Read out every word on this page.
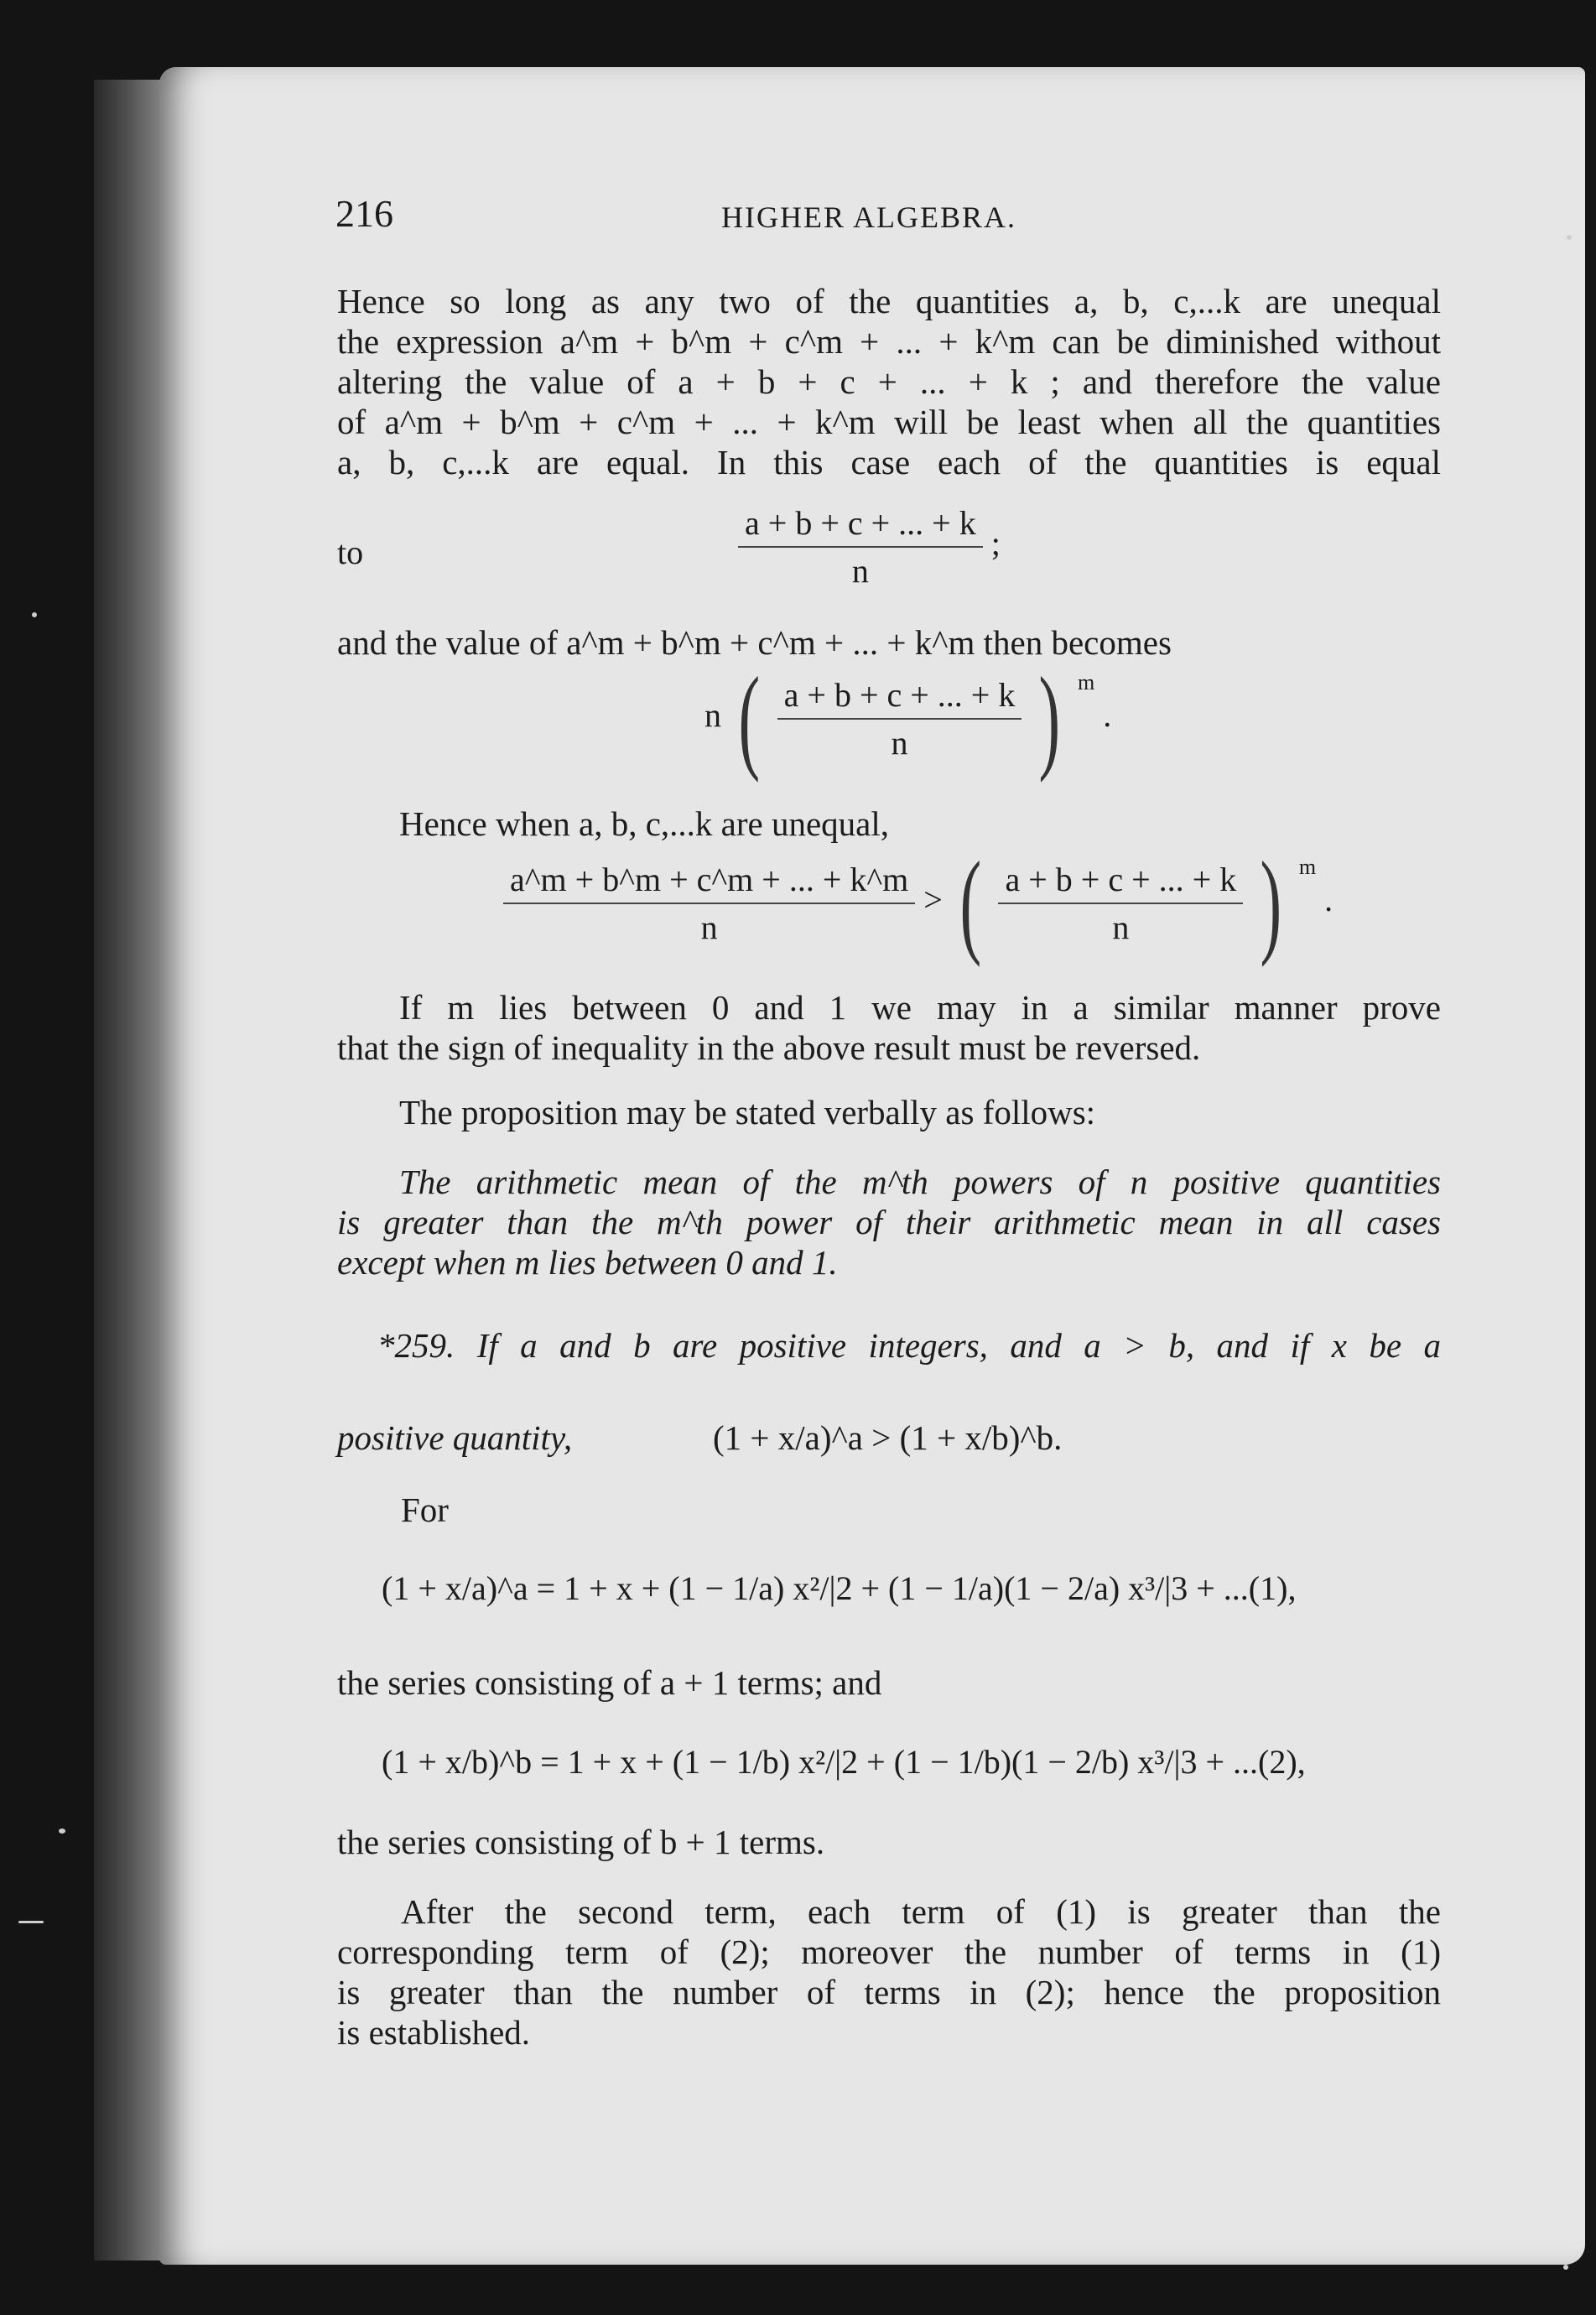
216	HIGHER ALGEBRA.
Hence so long as any two of the quantities a, b, c,...k are unequal
the expression a^m + b^m + c^m + ... + k^m can be diminished without
altering the value of a + b + c + ... + k ; and therefore the value
of a^m + b^m + c^m + ... + k^m will be least when all the quantities
a, b, c,...k are equal. In this case each of the quantities is equal
to	$\frac{a + b + c + ... + k}{n}$ ;
and the value of a^m + b^m + c^m + ... + k^m then becomes
n ( $\frac{a + b + c + ... + k}{n}$ ) $^m$ .
Hence when a, b, c,...k are unequal,
$\frac{a\^{}m + b\^{}m + c\^{}m + ... + k\^{}m}{n}$ > ( $\frac{a + b + c + ... + k}{n}$ ) $^m$ .
If m lies between 0 and 1 we may in a similar manner prove
that the sign of inequality in the above result must be reversed.
The proposition may be stated verbally as follows:
The arithmetic mean of the m^th powers of n positive quantities
is greater than the m^th power of their arithmetic mean in all cases
except when m lies between 0 and 1.
*259. If a and b are positive integers, and a > b, and if x be a
positive quantity,	(1 + x/a)^a > (1 + x/b)^b.
For
(1 + x/a)^a = 1 + x + (1 − 1/a) x²/|2 + (1 − 1/a)(1 − 2/a) x³/|3 + ...(1),
the series consisting of a + 1 terms; and
(1 + x/b)^b = 1 + x + (1 − 1/b) x²/|2 + (1 − 1/b)(1 − 2/b) x³/|3 + ...(2),
the series consisting of b + 1 terms.
After the second term, each term of (1) is greater than the
corresponding term of (2); moreover the number of terms in (1)
is greater than the number of terms in (2); hence the proposition
is established.
